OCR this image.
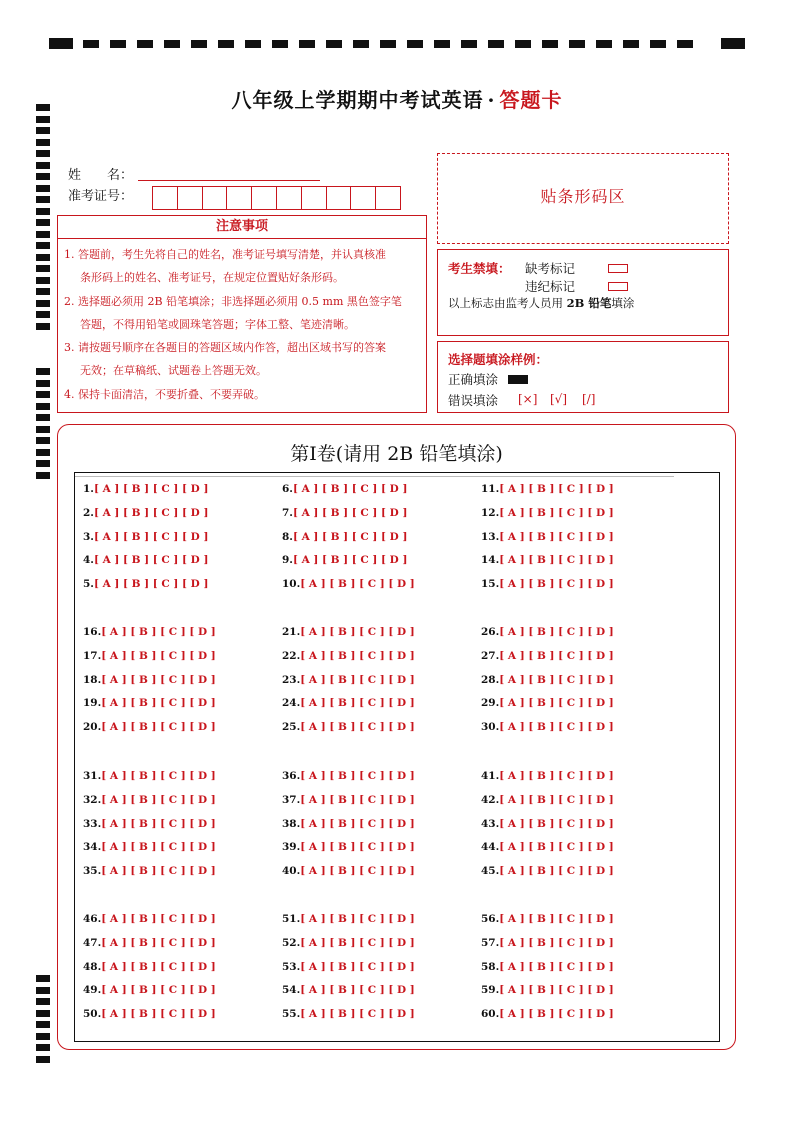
八年级上学期期中考试英语 · 答题卡
姓　　名：
准考证号：
注意事项
1. 答题前，考生先将自己的姓名，准考证号填写清楚，并认真核准
条形码上的姓名、准考证号，在规定位置贴好条形码。
2. 选择题必须用 2B 铅笔填涂；非选择题必须用 0.5 mm 黑色签字笔
答题，不得用铅笔或圆珠笔答题；字体工整、笔迹清晰。
3. 请按题号顺序在各题目的答题区域内作答，超出区域书写的答案
无效；在草稿纸、试题卷上答题无效。
4. 保持卡面清洁，不要折叠、不要弄破。
贴条形码区
考生禁填： 缺考标记
违纪标记
以上标志由监考人员用 2B 铅笔填涂
选择题填涂样例：
正确填涂
错误填涂 [×] [√] [/]
第Ⅰ卷(请用 2B 铅笔填涂)
1.[ A ] [ B ] [ C ] [ D ]
2.[ A ] [ B ] [ C ] [ D ]
3.[ A ] [ B ] [ C ] [ D ]
4.[ A ] [ B ] [ C ] [ D ]
5.[ A ] [ B ] [ C ] [ D ]
6.[ A ] [ B ] [ C ] [ D ]
7.[ A ] [ B ] [ C ] [ D ]
8.[ A ] [ B ] [ C ] [ D ]
9.[ A ] [ B ] [ C ] [ D ]
10.[ A ] [ B ] [ C ] [ D ]
11.[ A ] [ B ] [ C ] [ D ]
12.[ A ] [ B ] [ C ] [ D ]
13.[ A ] [ B ] [ C ] [ D ]
14.[ A ] [ B ] [ C ] [ D ]
15.[ A ] [ B ] [ C ] [ D ]
16.[ A ] [ B ] [ C ] [ D ]
17.[ A ] [ B ] [ C ] [ D ]
18.[ A ] [ B ] [ C ] [ D ]
19.[ A ] [ B ] [ C ] [ D ]
20.[ A ] [ B ] [ C ] [ D ]
21.[ A ] [ B ] [ C ] [ D ]
22.[ A ] [ B ] [ C ] [ D ]
23.[ A ] [ B ] [ C ] [ D ]
24.[ A ] [ B ] [ C ] [ D ]
25.[ A ] [ B ] [ C ] [ D ]
26.[ A ] [ B ] [ C ] [ D ]
27.[ A ] [ B ] [ C ] [ D ]
28.[ A ] [ B ] [ C ] [ D ]
29.[ A ] [ B ] [ C ] [ D ]
30.[ A ] [ B ] [ C ] [ D ]
31.[ A ] [ B ] [ C ] [ D ]
32.[ A ] [ B ] [ C ] [ D ]
33.[ A ] [ B ] [ C ] [ D ]
34.[ A ] [ B ] [ C ] [ D ]
35.[ A ] [ B ] [ C ] [ D ]
36.[ A ] [ B ] [ C ] [ D ]
37.[ A ] [ B ] [ C ] [ D ]
38.[ A ] [ B ] [ C ] [ D ]
39.[ A ] [ B ] [ C ] [ D ]
40.[ A ] [ B ] [ C ] [ D ]
41.[ A ] [ B ] [ C ] [ D ]
42.[ A ] [ B ] [ C ] [ D ]
43.[ A ] [ B ] [ C ] [ D ]
44.[ A ] [ B ] [ C ] [ D ]
45.[ A ] [ B ] [ C ] [ D ]
46.[ A ] [ B ] [ C ] [ D ]
47.[ A ] [ B ] [ C ] [ D ]
48.[ A ] [ B ] [ C ] [ D ]
49.[ A ] [ B ] [ C ] [ D ]
50.[ A ] [ B ] [ C ] [ D ]
51.[ A ] [ B ] [ C ] [ D ]
52.[ A ] [ B ] [ C ] [ D ]
53.[ A ] [ B ] [ C ] [ D ]
54.[ A ] [ B ] [ C ] [ D ]
55.[ A ] [ B ] [ C ] [ D ]
56.[ A ] [ B ] [ C ] [ D ]
57.[ A ] [ B ] [ C ] [ D ]
58.[ A ] [ B ] [ C ] [ D ]
59.[ A ] [ B ] [ C ] [ D ]
60.[ A ] [ B ] [ C ] [ D ]
